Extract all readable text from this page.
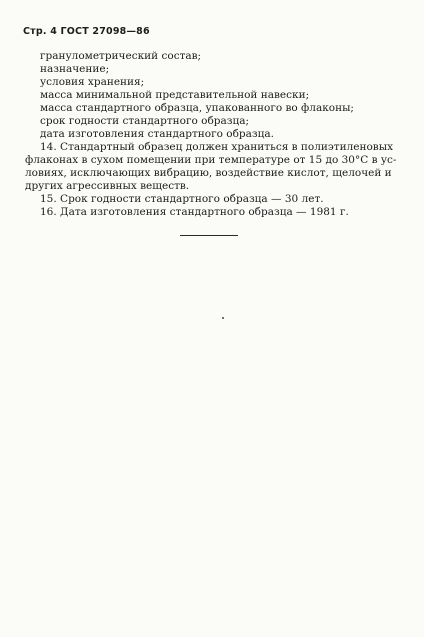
Стр. 4 ГОСТ 27098—86
гранулометрический состав;
назначение;
условия хранения;
масса минимальной представительной навески;
масса стандартного образца, упакованного во флаконы;
срок годности стандартного образца;
дата изготовления стандартного образца.
14. Стандартный образец должен храниться в полиэтиленовых
флаконах в сухом помещении при температуре от 15 до 30°С в ус-
ловиях, исключающих вибрацию, воздействие кислот, щелочей и
других агрессивных веществ.
15. Срок годности стандартного образца — 30 лет.
16. Дата изготовления стандартного образца — 1981 г.
